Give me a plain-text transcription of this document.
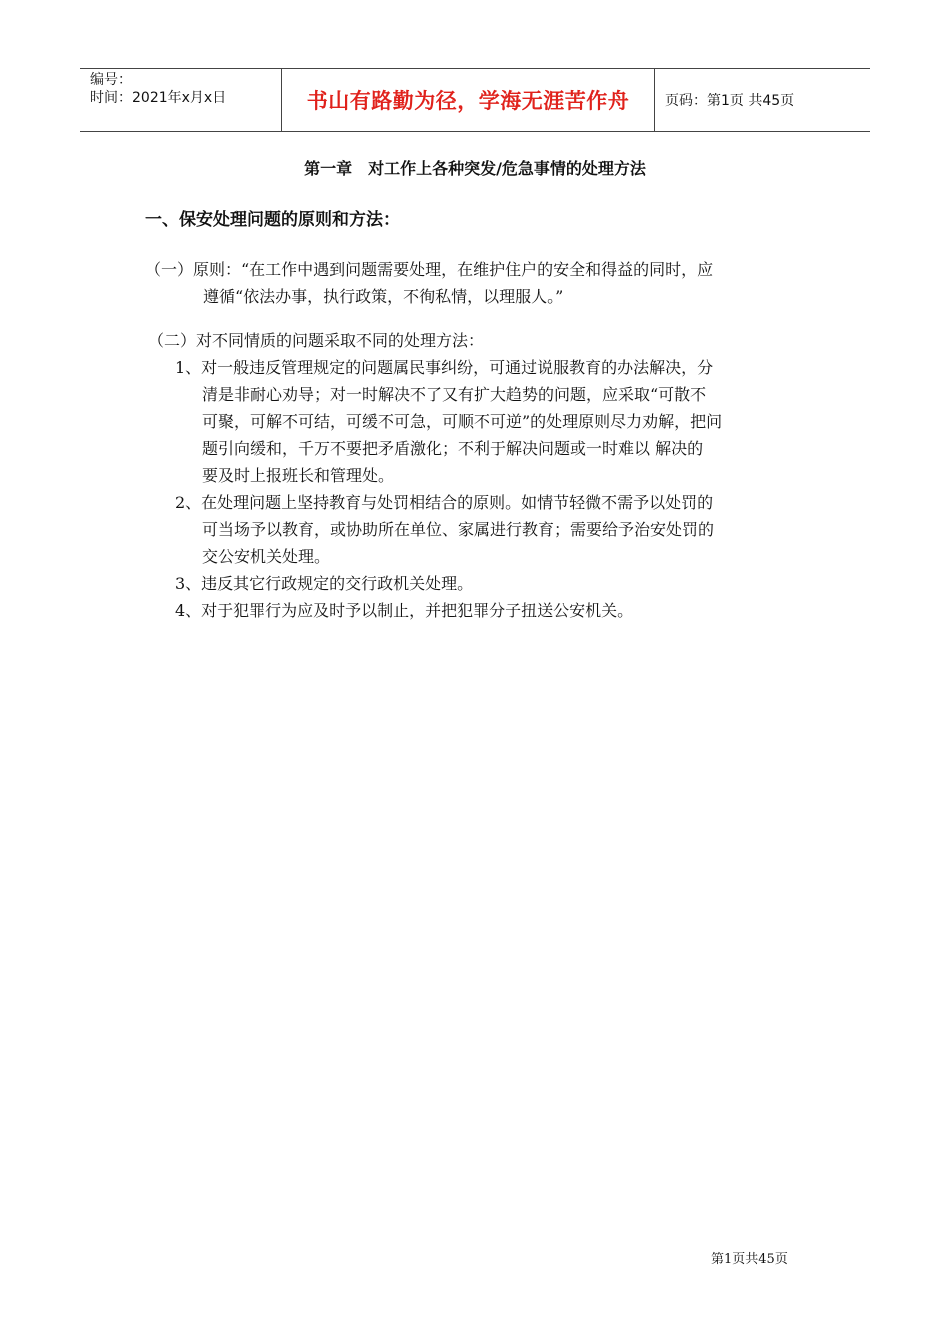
编号：
时间：2021年x月x日	书山有路勤为径，学海无涯苦作舟	页码：第1页 共45页
第一章　对工作上各种突发/危急事情的处理方法
一、保安处理问题的原则和方法：
（一）原则：“在工作中遇到问题需要处理，在维护住户的安全和得益的同时，应
遵循“依法办事，执行政策，不徇私情，以理服人。”
（二）对不同情质的问题采取不同的处理方法：
1、对一般违反管理规定的问题属民事纠纷，可通过说服教育的办法解决，分
清是非耐心劝导；对一时解决不了又有扩大趋势的问题，应采取“可散不
可聚，可解不可结，可缓不可急，可顺不可逆”的处理原则尽力劝解，把问
题引向缓和，千万不要把矛盾激化；不利于解决问题或一时难以 解决的
要及时上报班长和管理处。
2、在处理问题上坚持教育与处罚相结合的原则。如情节轻微不需予以处罚的
可当场予以教育，或协助所在单位、家属进行教育；需要给予治安处罚的
交公安机关处理。
3、违反其它行政规定的交行政机关处理。
4、对于犯罪行为应及时予以制止，并把犯罪分子扭送公安机关。
第1页共45页
